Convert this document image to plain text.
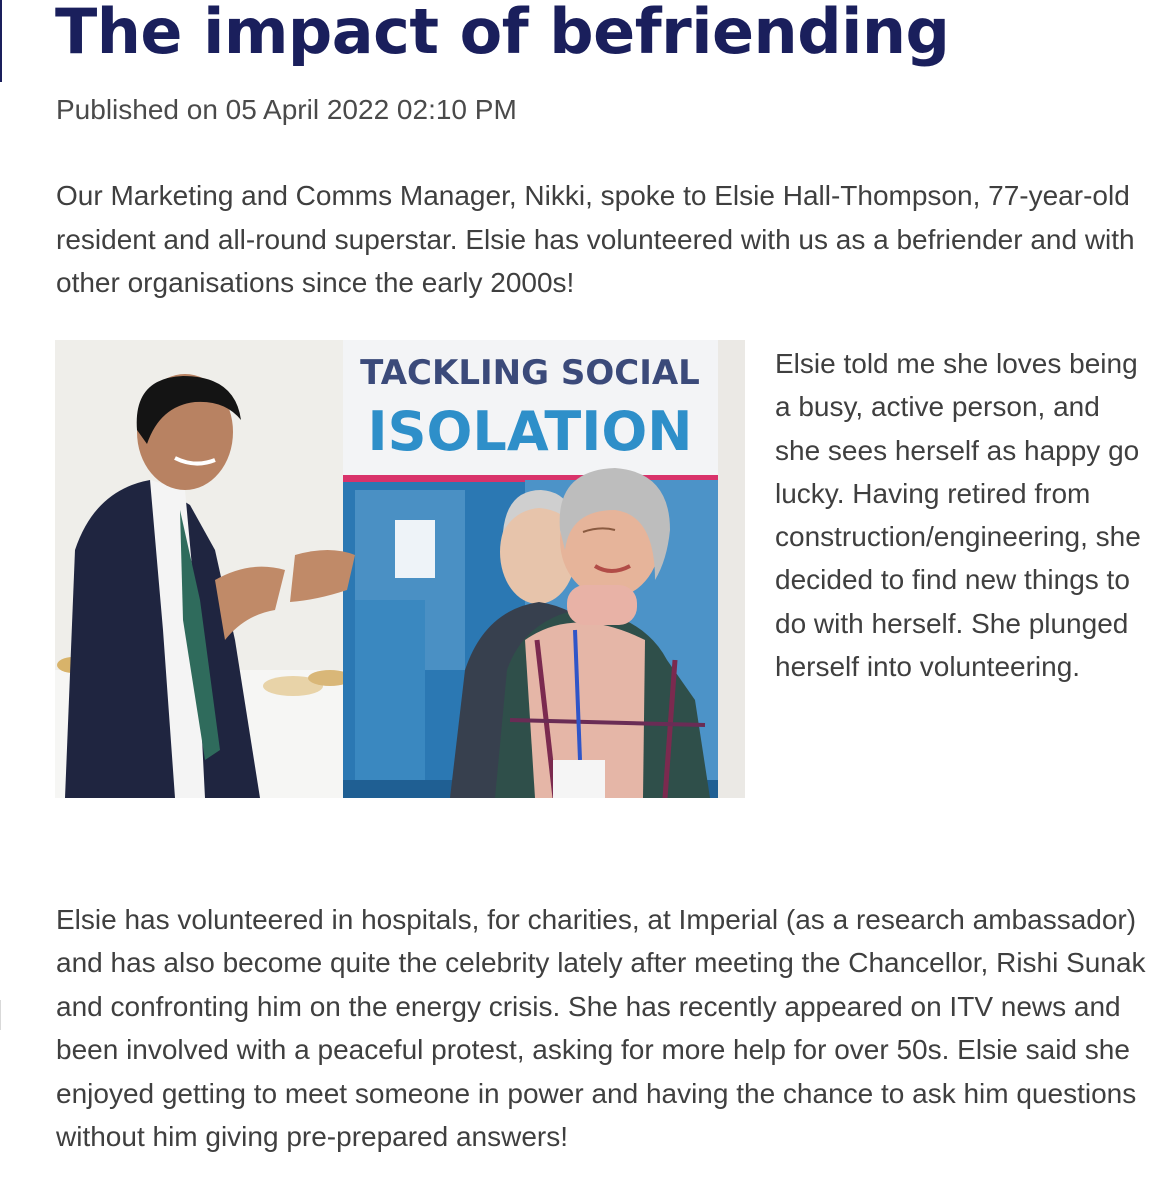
The impact of befriending
Published on 05 April 2022 02:10 PM

Our Marketing and Comms Manager, Nikki, spoke to Elsie Hall-Thompson, 77-year-old resident and all-round superstar. Elsie has volunteered with us as a befriender and with other organisations since the early 2000s!

TACKLING SOCIAL
ISOLATION

Elsie told me she loves being a busy, active person, and she sees herself as happy go lucky. Having retired from construction/engineering, she decided to find new things to do with herself. She plunged herself into volunteering.

Elsie has volunteered in hospitals, for charities, at Imperial (as a research ambassador) and has also become quite the celebrity lately after meeting the Chancellor, Rishi Sunak and confronting him on the energy crisis. She has recently appeared on ITV news and been involved with a peaceful protest, asking for more help for over 50s. Elsie said she enjoyed getting to meet someone in power and having the chance to ask him questions without him giving pre-prepared answers!
